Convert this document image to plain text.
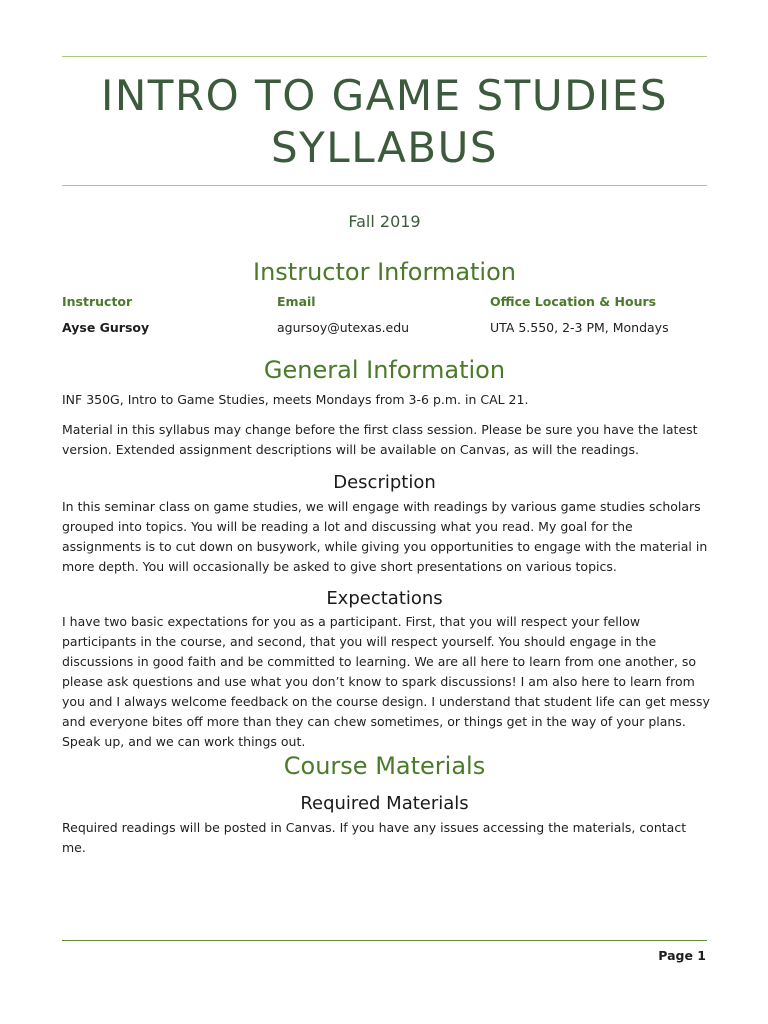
INTRO TO GAME STUDIES
SYLLABUS
Fall 2019
Instructor Information
Instructor	Email	Office Location & Hours
Ayse Gursoy	agursoy@utexas.edu	UTA 5.550, 2-3 PM, Mondays
General Information

INF 350G, Intro to Game Studies, meets Mondays from 3-6 p.m. in CAL 21.

Material in this syllabus may change before the first class session. Please be sure you have the latest version. Extended assignment descriptions will be available on Canvas, as will the readings.

Description

In this seminar class on game studies, we will engage with readings by various game studies scholars grouped into topics. You will be reading a lot and discussing what you read. My goal for the assignments is to cut down on busywork, while giving you opportunities to engage with the material in more depth. You will occasionally be asked to give short presentations on various topics.

Expectations

I have two basic expectations for you as a participant. First, that you will respect your fellow participants in the course, and second, that you will respect yourself. You should engage in the discussions in good faith and be committed to learning. We are all here to learn from one another, so please ask questions and use what you don’t know to spark discussions! I am also here to learn from you and I always welcome feedback on the course design. I understand that student life can get messy and everyone bites off more than they can chew sometimes, or things get in the way of your plans. Speak up, and we can work things out.

Course Materials
Required Materials

Required readings will be posted in Canvas. If you have any issues accessing the materials, contact me.

Page 1
